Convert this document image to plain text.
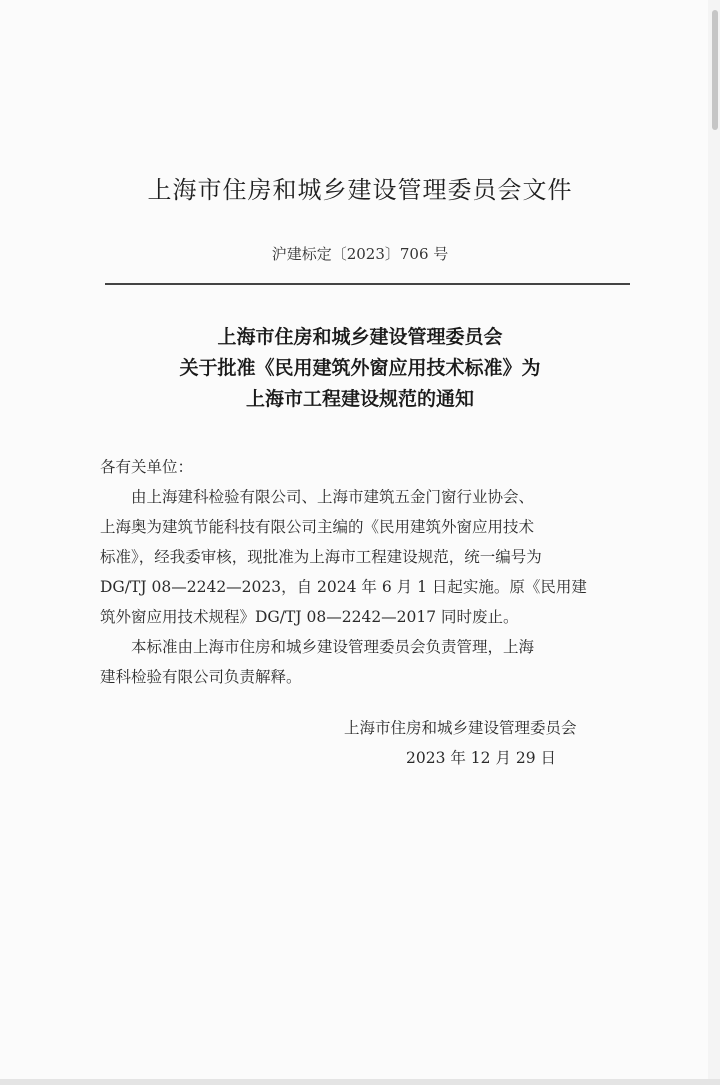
上海市住房和城乡建设管理委员会文件
沪建标定〔2023〕706 号
上海市住房和城乡建设管理委员会
关于批准《民用建筑外窗应用技术标准》为
上海市工程建设规范的通知
各有关单位：
由上海建科检验有限公司、上海市建筑五金门窗行业协会、
上海奥为建筑节能科技有限公司主编的《民用建筑外窗应用技术
标准》，经我委审核，现批准为上海市工程建设规范，统一编号为
DG/TJ 08—2242—2023，自 2024 年 6 月 1 日起实施。原《民用建
筑外窗应用技术规程》DG/TJ 08—2242—2017 同时废止。
本标准由上海市住房和城乡建设管理委员会负责管理，上海
建科检验有限公司负责解释。
上海市住房和城乡建设管理委员会
2023 年 12 月 29 日
